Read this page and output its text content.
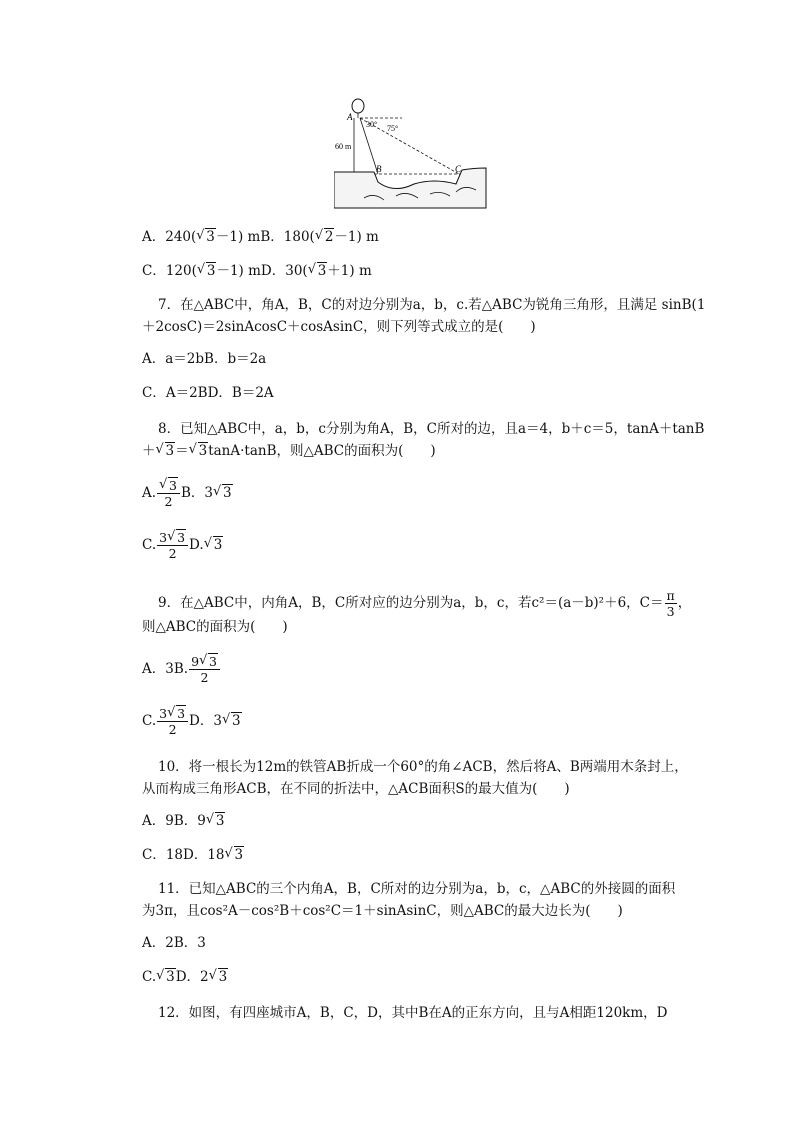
A
B	C
30° 75°
60 m
A．240(√ 3－1) mB．180(√ 2－1) m
C．120(√ 3－1) mD．30(√ 3＋1) m
7．在△ABC中，角A，B，C的对边分别为a，b，c.若△ABC为锐角三角形，且满足 sinB(1
＋2cosC)＝2sinAcosC＋cosAsinC，则下列等式成立的是(　　)
A．a＝2bB．b＝2a
C．A＝2BD．B＝2A
8．已知△ABC中，a，b，c分别为角A，B，C所对的边，且a＝4，b＋c＝5，tanA＋tanB
＋√ 3＝√ 3tanA·tanB，则△ABC的面积为(　　)
A.
√ $\frac{3}{2}$ B．3√ 3
C. $\frac{3√ 3}{2} D.√$ 3
9．在△ABC中，内角A，B，C所对应的边分别为a，b，c，若c²＝(a－b)²＋6，$C= \frac{\pi}{3}$ ，
则△ABC的面积为(　　)
A．3B. $\frac{9√ 3}{2}$
C. $\frac{3√ 3}{2}$ D．3√ 3
10．将一根长为12m的铁管AB折成一个60°的角∠ACB，然后将A、B两端用木条封上，
从而构成三角形ACB，在不同的折法中，△ACB面积S的最大值为(　　)
A．9B．9√ 3
C．18D．18√ 3
11．已知△ABC的三个内角A，B，C所对的边分别为a，b，c，△ABC的外接圆的面积
为3π，且cos²A－cos²B＋cos²C＝1＋sinAsinC，则△ABC的最大边长为(　　)
A．2B．3
C.√ 3D．2√ 3
12．如图，有四座城市A，B，C，D，其中B在A的正东方向，且与A相距120km，D
